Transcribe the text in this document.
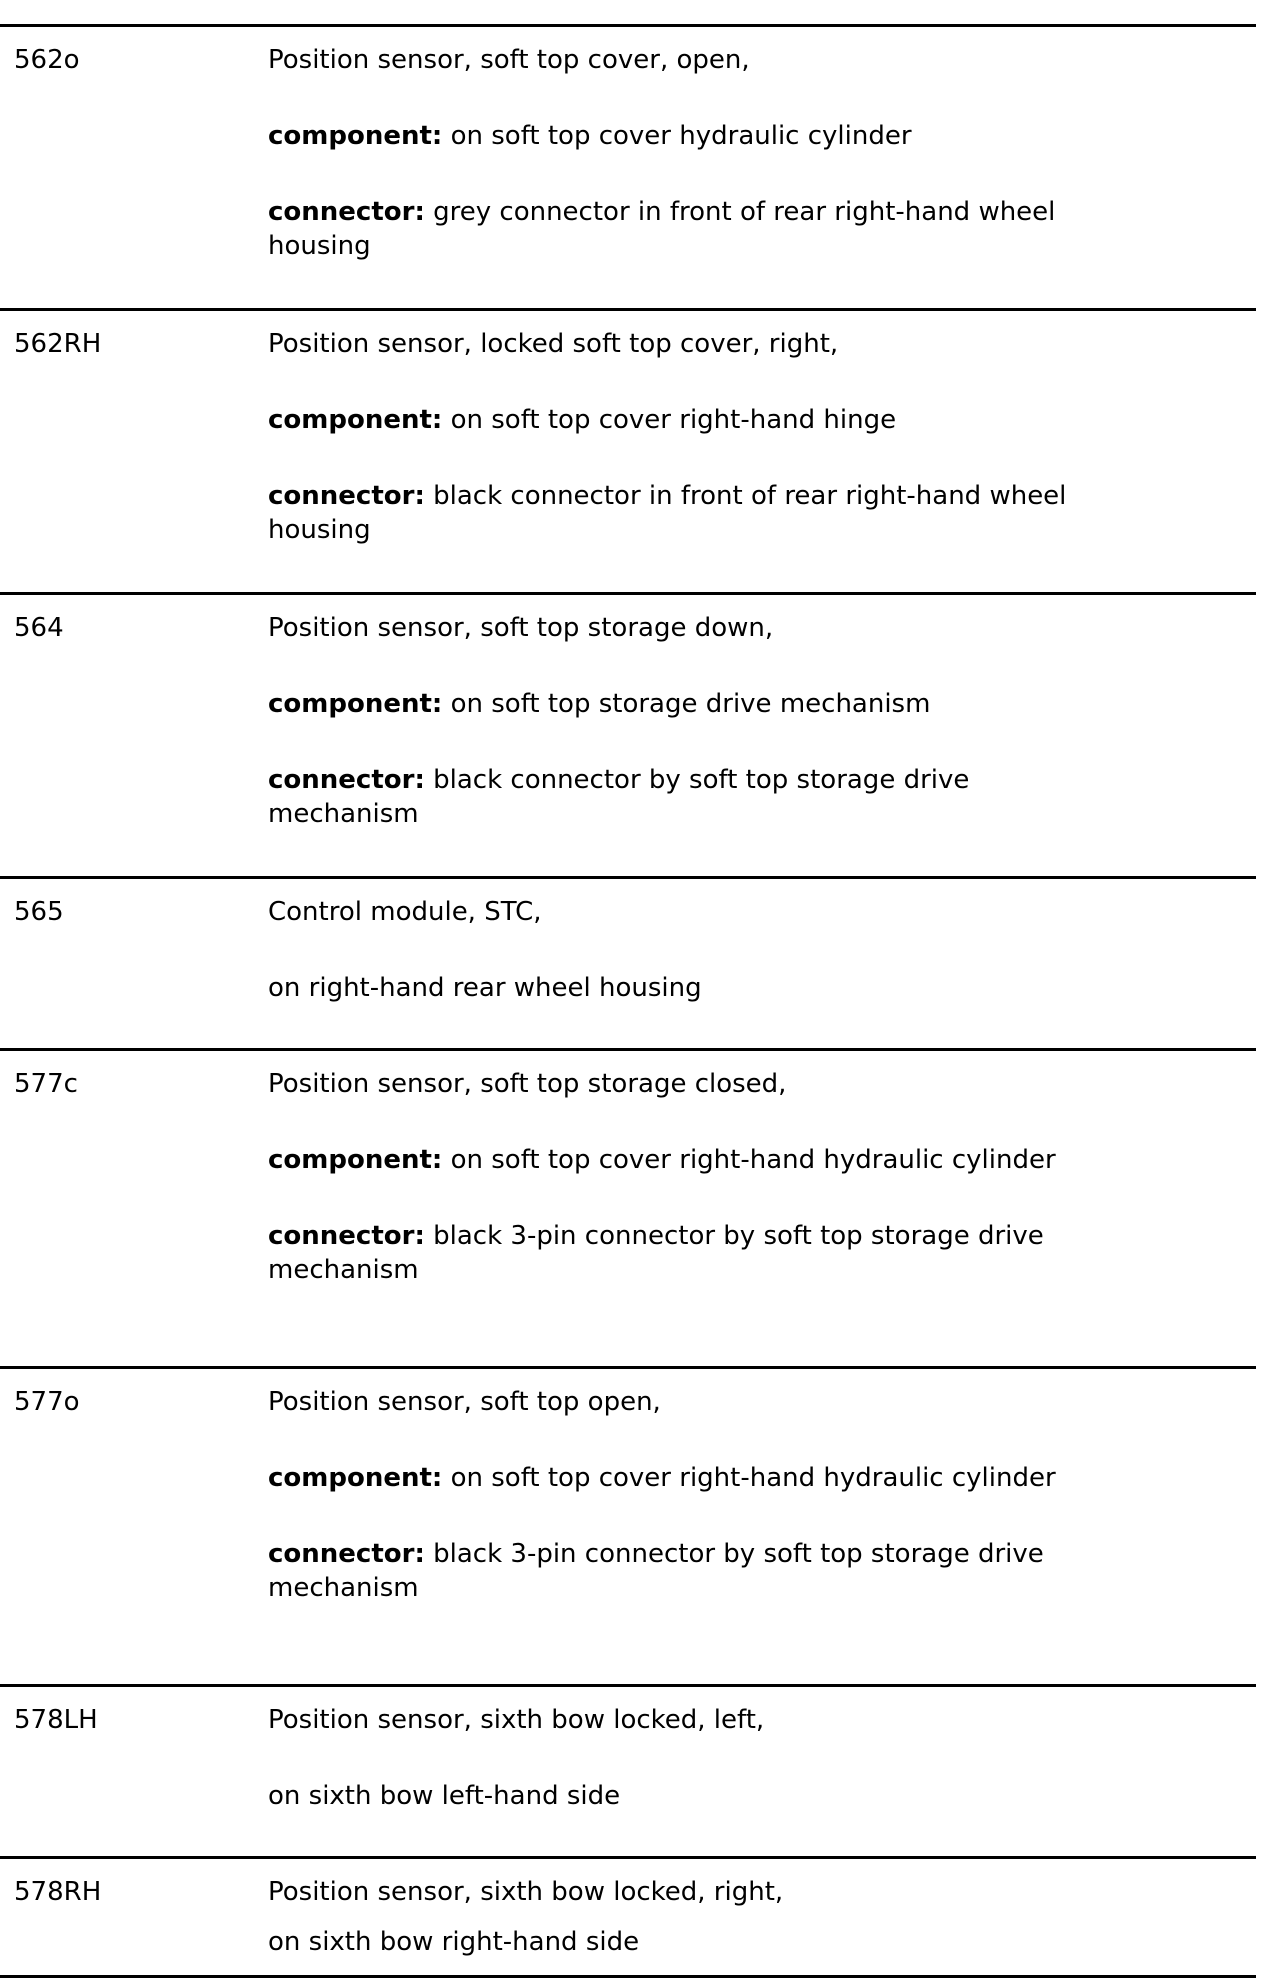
562o	Position sensor, soft top cover, open,

component: on soft top cover hydraulic cylinder

connector: grey connector in front of rear right-hand wheel housing

562RH	Position sensor, locked soft top cover, right,

component: on soft top cover right-hand hinge

connector: black connector in front of rear right-hand wheel housing

564	Position sensor, soft top storage down,

component: on soft top storage drive mechanism

connector: black connector by soft top storage drive mechanism

565	Control module, STC,

on right-hand rear wheel housing

577c	Position sensor, soft top storage closed,

component: on soft top cover right-hand hydraulic cylinder

connector: black 3-pin connector by soft top storage drive mechanism

577o	Position sensor, soft top open,

component: on soft top cover right-hand hydraulic cylinder

connector: black 3-pin connector by soft top storage drive mechanism

578LH	Position sensor, sixth bow locked, left,

on sixth bow left-hand side

578RH	Position sensor, sixth bow locked, right,

on sixth bow right-hand side
